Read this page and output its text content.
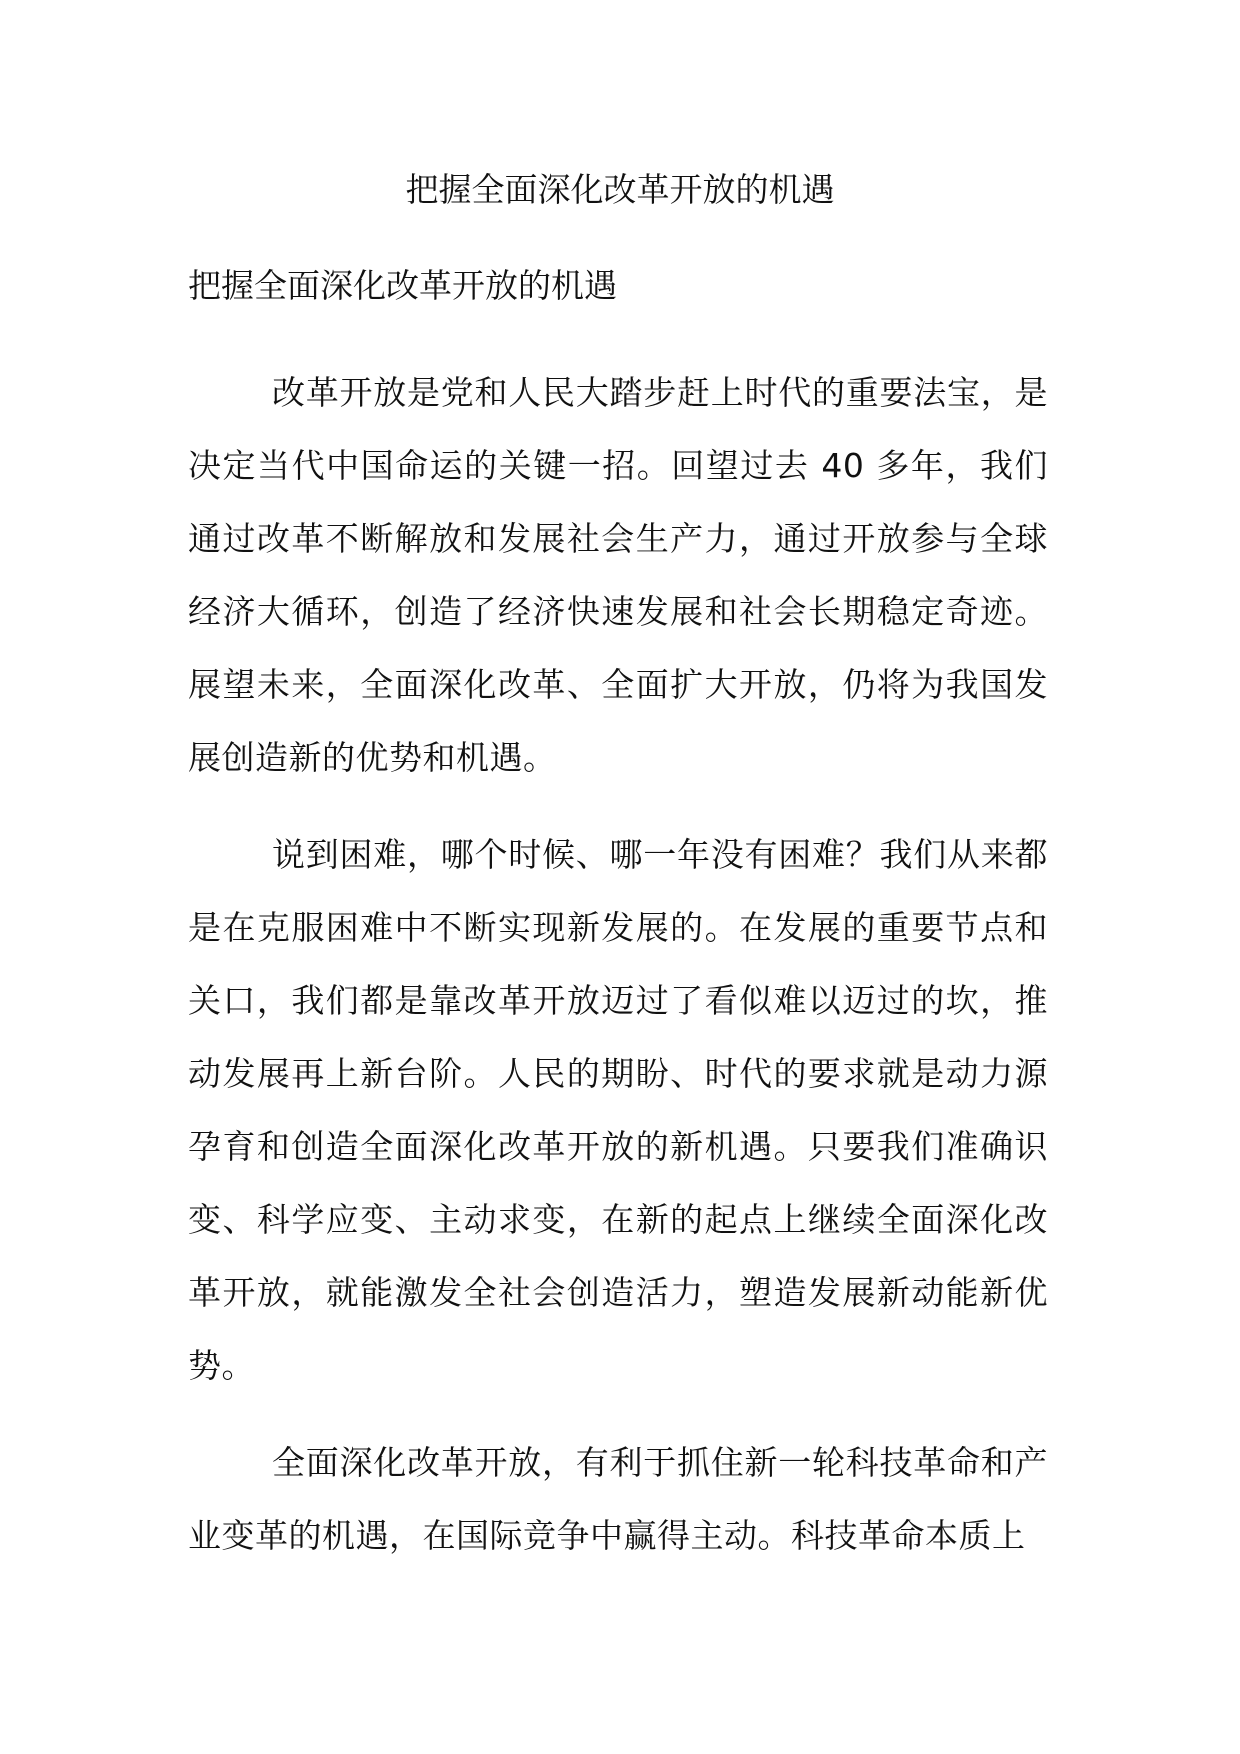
把握全面深化改革开放的机遇
把握全面深化改革开放的机遇

改革开放是党和人民大踏步赶上时代的重要法宝，是决定当代中国命运的关键一招。回望过去 40 多年，我们通过改革不断解放和发展社会生产力，通过开放参与全球经济大循环，创造了经济快速发展和社会长期稳定奇迹。展望未来，全面深化改革、全面扩大开放，仍将为我国发展创造新的优势和机遇。

说到困难，哪个时候、哪一年没有困难？我们从来都是在克服困难中不断实现新发展的。在发展的重要节点和关口，我们都是靠改革开放迈过了看似难以迈过的坎，推动发展再上新台阶。人民的期盼、时代的要求就是动力源孕育和创造全面深化改革开放的新机遇。只要我们准确识变、科学应变、主动求变，在新的起点上继续全面深化改革开放，就能激发全社会创造活力，塑造发展新动能新优势。

全面深化改革开放，有利于抓住新一轮科技革命和产业变革的机遇，在国际竞争中赢得主动。科技革命本质上
